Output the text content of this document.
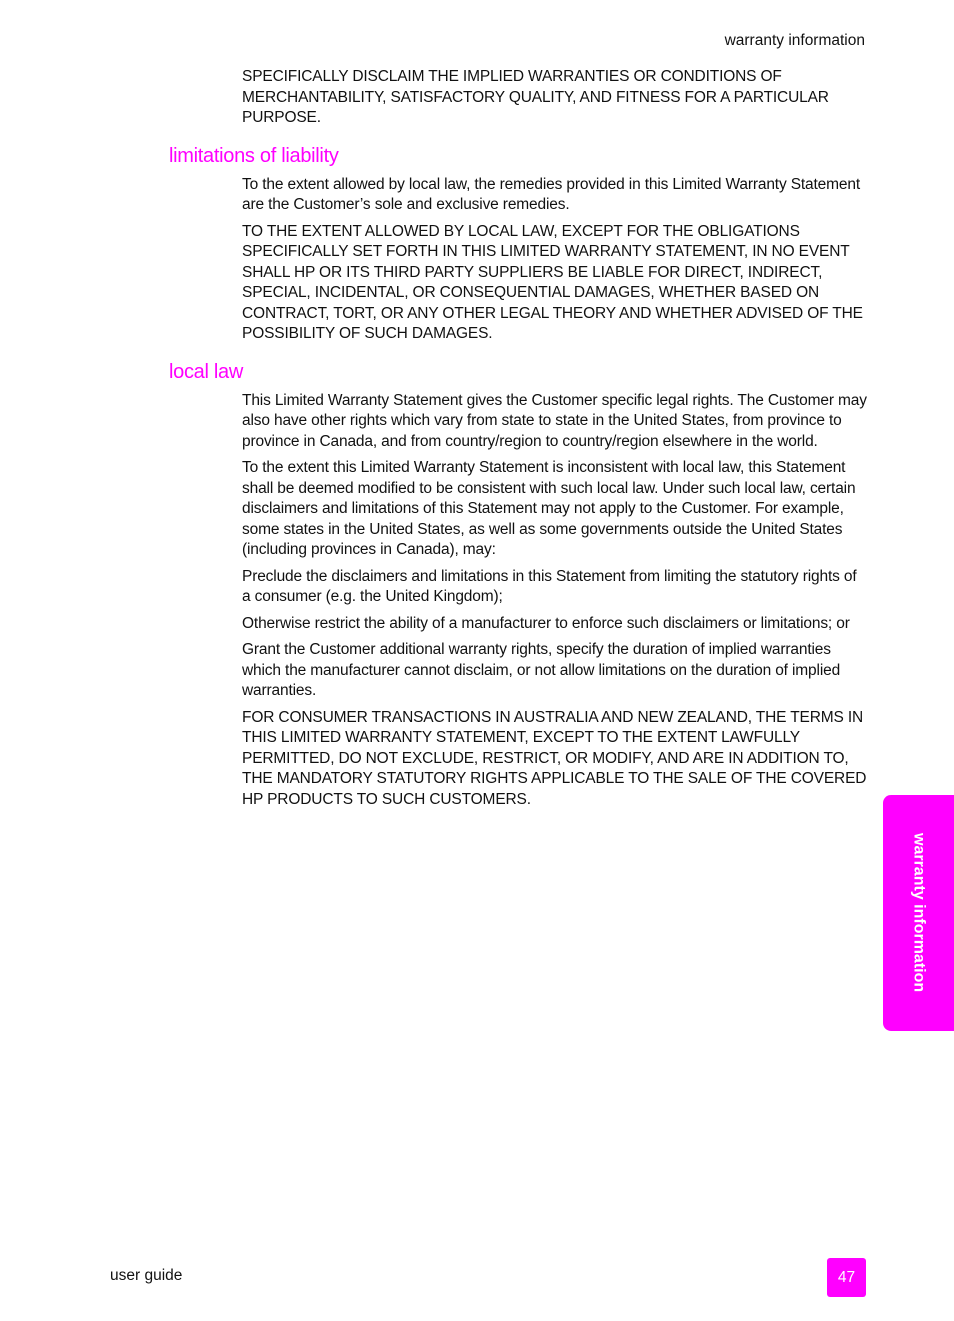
warranty information

SPECIFICALLY DISCLAIM THE IMPLIED WARRANTIES OR CONDITIONS OF MERCHANTABILITY, SATISFACTORY QUALITY, AND FITNESS FOR A PARTICULAR PURPOSE.

limitations of liability

To the extent allowed by local law, the remedies provided in this Limited Warranty Statement are the Customer’s sole and exclusive remedies.

TO THE EXTENT ALLOWED BY LOCAL LAW, EXCEPT FOR THE OBLIGATIONS SPECIFICALLY SET FORTH IN THIS LIMITED WARRANTY STATEMENT, IN NO EVENT SHALL HP OR ITS THIRD PARTY SUPPLIERS BE LIABLE FOR DIRECT, INDIRECT, SPECIAL, INCIDENTAL, OR CONSEQUENTIAL DAMAGES, WHETHER BASED ON CONTRACT, TORT, OR ANY OTHER LEGAL THEORY AND WHETHER ADVISED OF THE POSSIBILITY OF SUCH DAMAGES.

local law

This Limited Warranty Statement gives the Customer specific legal rights. The Customer may also have other rights which vary from state to state in the United States, from province to province in Canada, and from country/region to country/region elsewhere in the world.

To the extent this Limited Warranty Statement is inconsistent with local law, this Statement shall be deemed modified to be consistent with such local law. Under such local law, certain disclaimers and limitations of this Statement may not apply to the Customer. For example, some states in the United States, as well as some governments outside the United States (including provinces in Canada), may:

Preclude the disclaimers and limitations in this Statement from limiting the statutory rights of a consumer (e.g. the United Kingdom);

Otherwise restrict the ability of a manufacturer to enforce such disclaimers or limitations; or

Grant the Customer additional warranty rights, specify the duration of implied warranties which the manufacturer cannot disclaim, or not allow limitations on the duration of implied warranties.

FOR CONSUMER TRANSACTIONS IN AUSTRALIA AND NEW ZEALAND, THE TERMS IN THIS LIMITED WARRANTY STATEMENT, EXCEPT TO THE EXTENT LAWFULLY PERMITTED, DO NOT EXCLUDE, RESTRICT, OR MODIFY, AND ARE IN ADDITION TO, THE MANDATORY STATUTORY RIGHTS APPLICABLE TO THE SALE OF THE COVERED HP PRODUCTS TO SUCH CUSTOMERS.

warranty information
user guide	47
